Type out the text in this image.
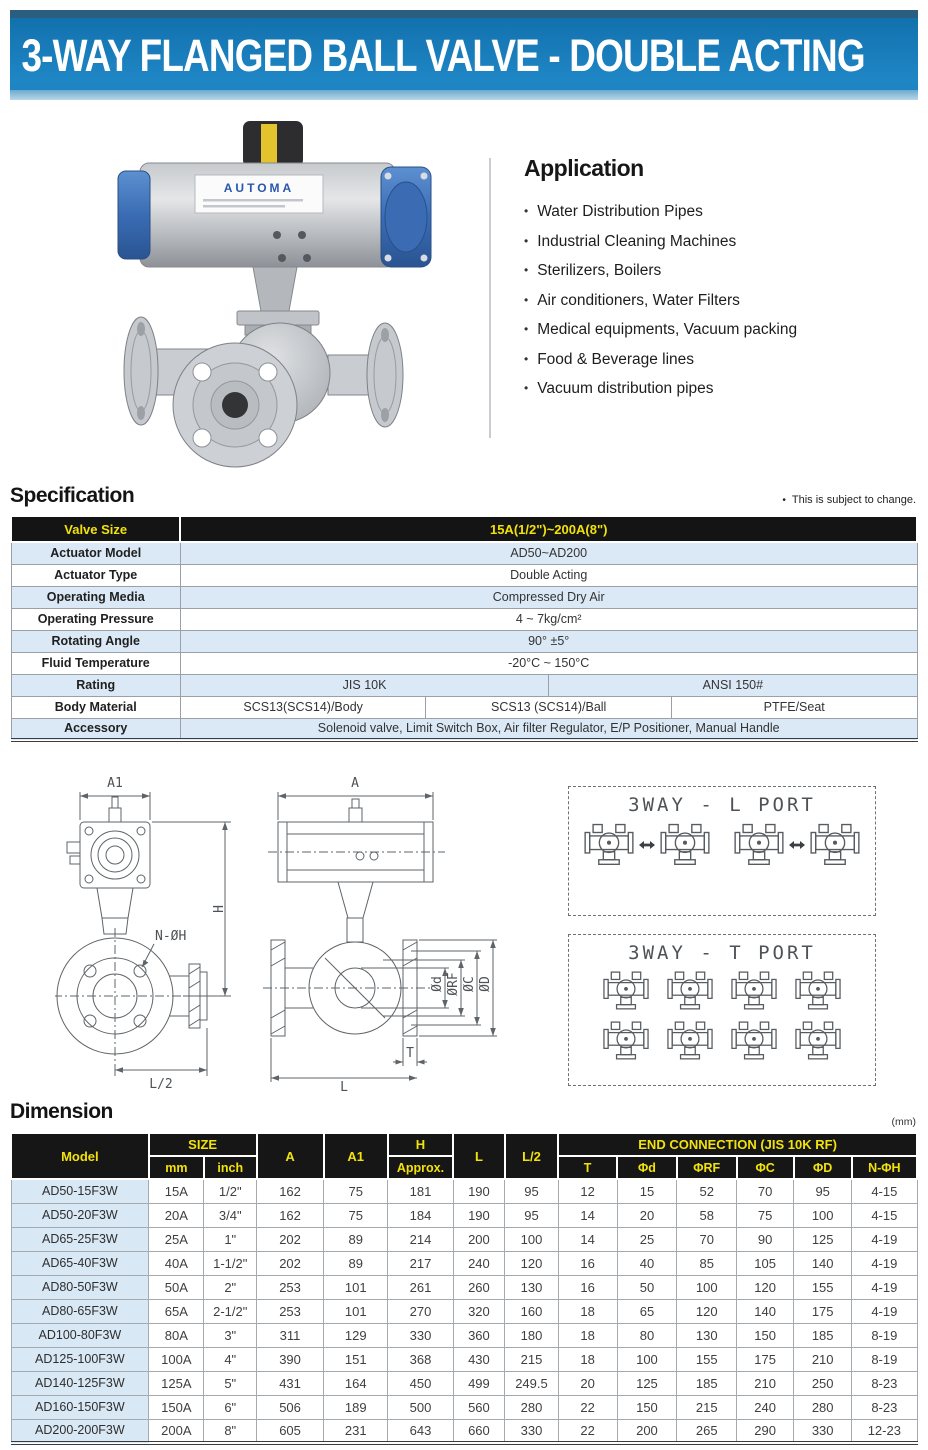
3-WAY FLANGED BALL VALVE - DOUBLE ACTING
AUTOMA
Application
• Water Distribution Pipes
• Industrial Cleaning Machines
• Sterilizers, Boilers
• Air conditioners, Water Filters
• Medical equipments, Vacuum packing
• Food & Beverage lines
• Vacuum distribution pipes
Specification	• This is subject to change.
Valve Size	15A(1/2")~200A(8")			
Actuator Model	AD50~AD200			
Actuator Type	Double Acting			
Operating Media	Compressed Dry Air			
Operating Pressure	4 ~ 7kg/cm²			
Rotating Angle	90° ±5°			
Fluid Temperature	-20°C ~ 150°C			
Rating	JIS 10K		ANSI 150#	
Body Material	SCS13(SCS14)/Body	SCS13 (SCS14)/Ball		PTFE/Seat
Accessory	Solenoid valve, Limit Switch Box, Air filter Regulator, E/P Positioner, Manual Handle			
A1
H
N-ØH
L/2
A
Ød ØRF ØC ØD
T
L
3WAY - L PORT
3WAY - T PORT
Dimension	(mm)
Model	SIZE		A	A1	H	L	L/2	END CONNECTION (JIS 10K RF)					
	mm	inch			Approx.			T	Φd	ΦRF	ΦC	ΦD	N-ΦH
AD50-15F3W	15A	1/2"	162	75	181	190	95	12	15	52	70	95	4-15
AD50-20F3W	20A	3/4"	162	75	184	190	95	14	20	58	75	100	4-15
AD65-25F3W	25A	1"	202	89	214	200	100	14	25	70	90	125	4-19
AD65-40F3W	40A	1-1/2"	202	89	217	240	120	16	40	85	105	140	4-19
AD80-50F3W	50A	2"	253	101	261	260	130	16	50	100	120	155	4-19
AD80-65F3W	65A	2-1/2"	253	101	270	320	160	18	65	120	140	175	4-19
AD100-80F3W	80A	3"	311	129	330	360	180	18	80	130	150	185	8-19
AD125-100F3W	100A	4"	390	151	368	430	215	18	100	155	175	210	8-19
AD140-125F3W	125A	5"	431	164	450	499	249.5	20	125	185	210	250	8-23
AD160-150F3W	150A	6"	506	189	500	560	280	22	150	215	240	280	8-23
AD200-200F3W	200A	8"	605	231	643	660	330	22	200	265	290	330	12-23
